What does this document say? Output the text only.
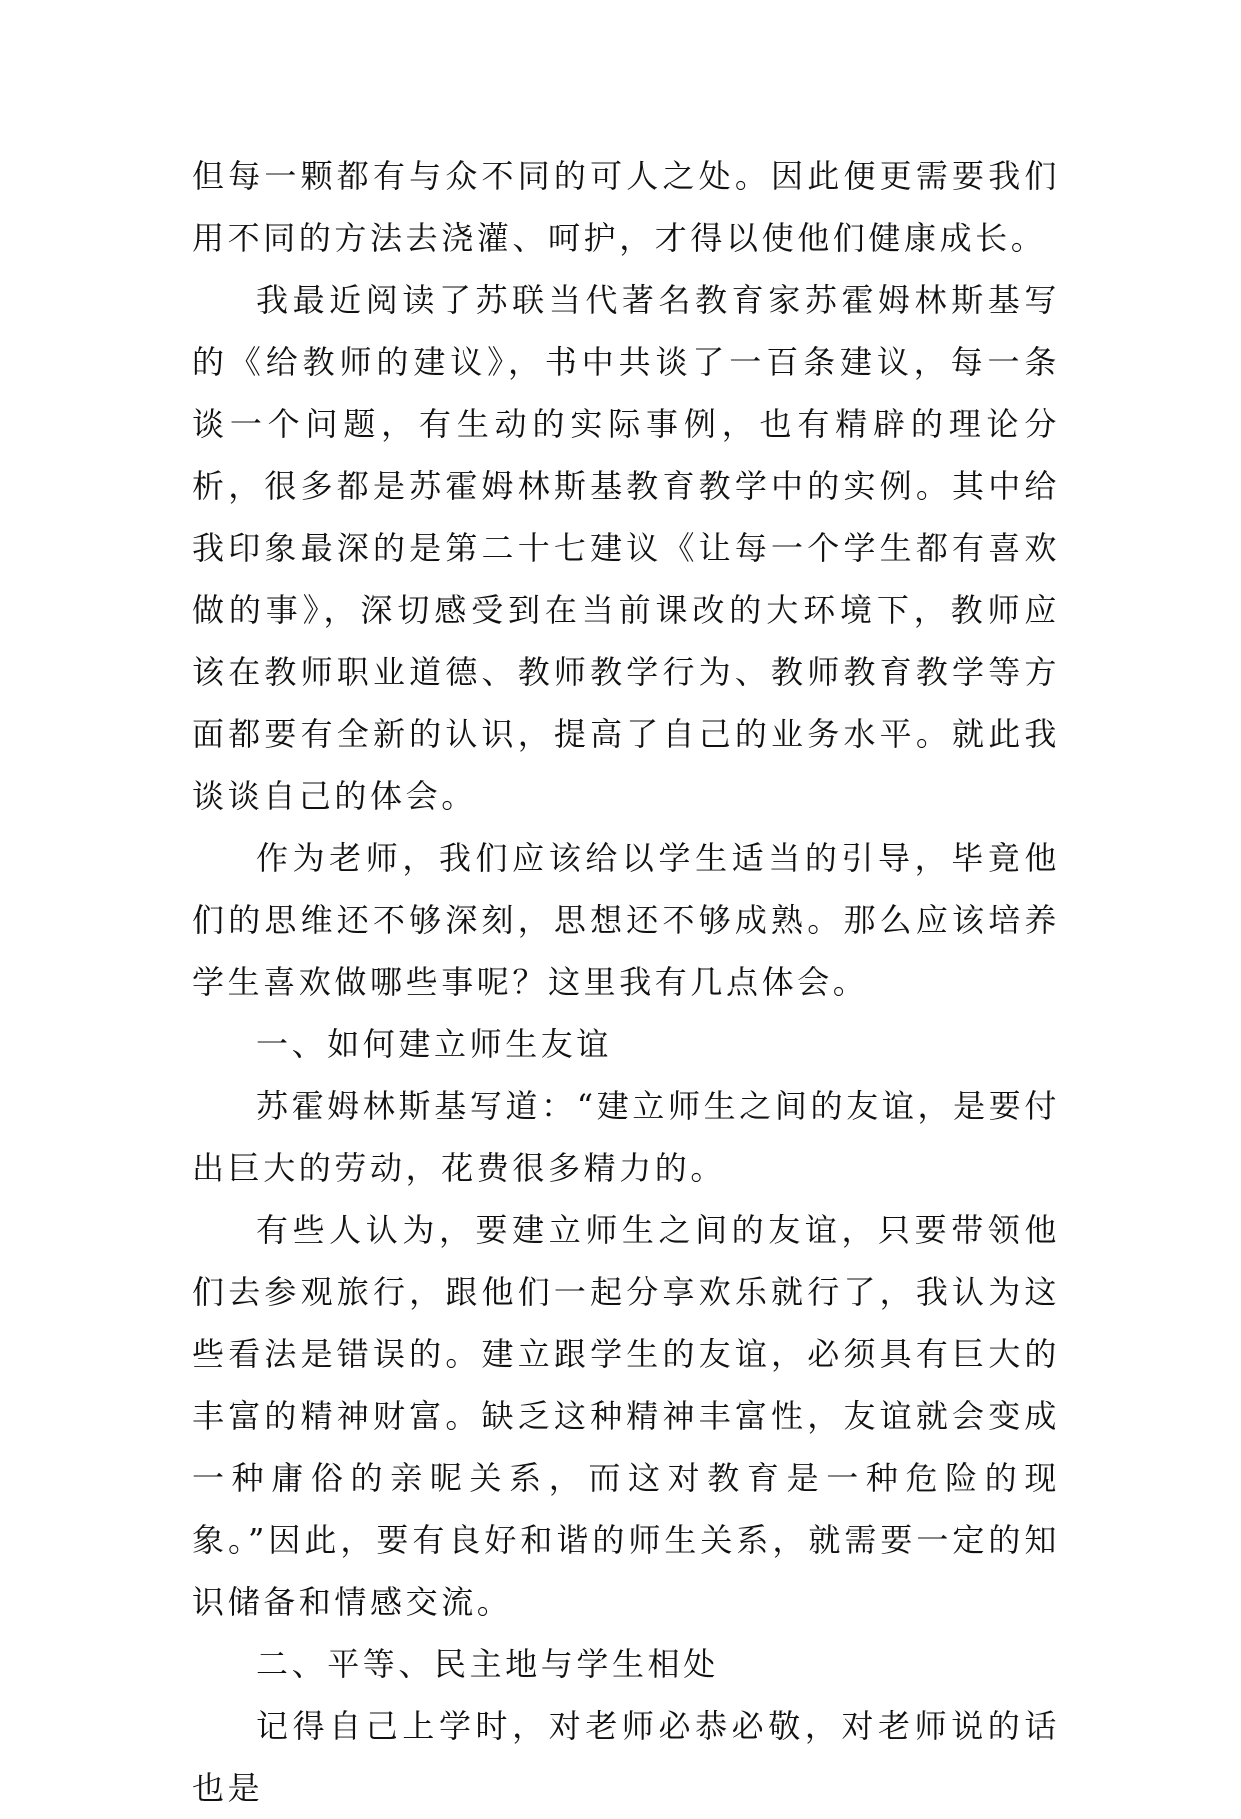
但每一颗都有与众不同的可人之处。因此便更需要我们用不同的方法去浇灌、呵护，才得以使他们健康成长。

我最近阅读了苏联当代著名教育家苏霍姆林斯基写的《给教师的建议》，书中共谈了一百条建议，每一条谈一个问题，有生动的实际事例，也有精辟的理论分析，很多都是苏霍姆林斯基教育教学中的实例。其中给我印象最深的是第二十七建议《让每一个学生都有喜欢做的事》，深切感受到在当前课改的大环境下，教师应该在教师职业道德、教师教学行为、教师教育教学等方面都要有全新的认识，提高了自己的业务水平。就此我谈谈自己的体会。

作为老师，我们应该给以学生适当的引导，毕竟他们的思维还不够深刻，思想还不够成熟。那么应该培养学生喜欢做哪些事呢？这里我有几点体会。

一、如何建立师生友谊

苏霍姆林斯基写道：“建立师生之间的友谊，是要付出巨大的劳动，花费很多精力的。

有些人认为，要建立师生之间的友谊，只要带领他们去参观旅行，跟他们一起分享欢乐就行了，我认为这些看法是错误的。建立跟学生的友谊，必须具有巨大的丰富的精神财富。缺乏这种精神丰富性，友谊就会变成一种庸俗的亲昵关系，而这对教育是一种危险的现象。”因此，要有良好和谐的师生关系，就需要一定的知识储备和情感交流。

二、平等、民主地与学生相处

记得自己上学时，对老师必恭必敬，对老师说的话也是
